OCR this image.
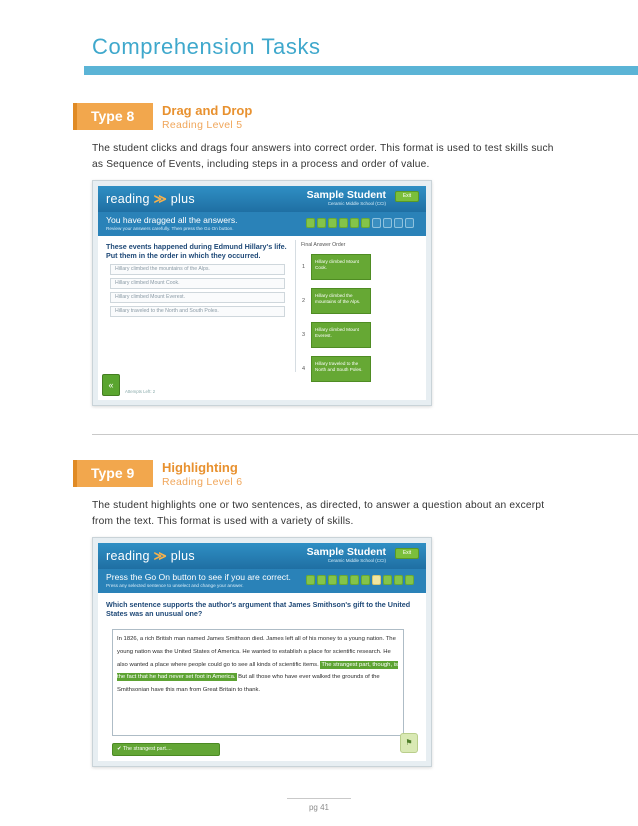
Comprehension Tasks
Type 8	Drag and Drop
Reading Level 5
The student clicks and drags four answers into correct order. This format is used to test skills such as Sequence of Events, including steps in a process and order of value.
reading ≫ plus	Sample Student
Ceramic Middle School (CCI)
Exit
You have dragged all the answers.
Review your answers carefully. Then press the Go On button.
These events happened during Edmund Hillary's life.
Put them in the order in which they occurred.
Hillary climbed the mountains of the Alps.
Hillary climbed Mount Cook.
Hillary climbed Mount Everest.
Hillary traveled to the North and South Poles.
Final Answer Order
1
Hillary climbed Mount Cook.
2
Hillary climbed the mountains of the Alps.
3
Hillary climbed Mount Everest.
4
Hillary traveled to the North and South Poles.
«
Attempts Left: 2
Type 9	Highlighting
Reading Level 6
The student highlights one or two sentences, as directed, to answer a question about an excerpt from the text. This format is used with a variety of skills.
reading ≫ plus	Sample Student
Ceramic Middle School (CCI)
Exit
Press the Go On button to see if you are correct.
Press any selected sentence to unselect and change your answer.
Which sentence supports the author's argument that James Smithson's gift to the United
States was an unusual one?
In 1826, a rich British man named James Smithson died. James left all of his money to a young nation. The young nation was the United States of America. He wanted to establish a place for scientific research. He also wanted a place where people could go to see all kinds of scientific items. The strangest part, though, is the fact that he had never set foot in America. But all those who have ever walked the grounds of the Smithsonian have this man from Great Britain to thank.
✔ The strangest part....
⚑
pg 41
